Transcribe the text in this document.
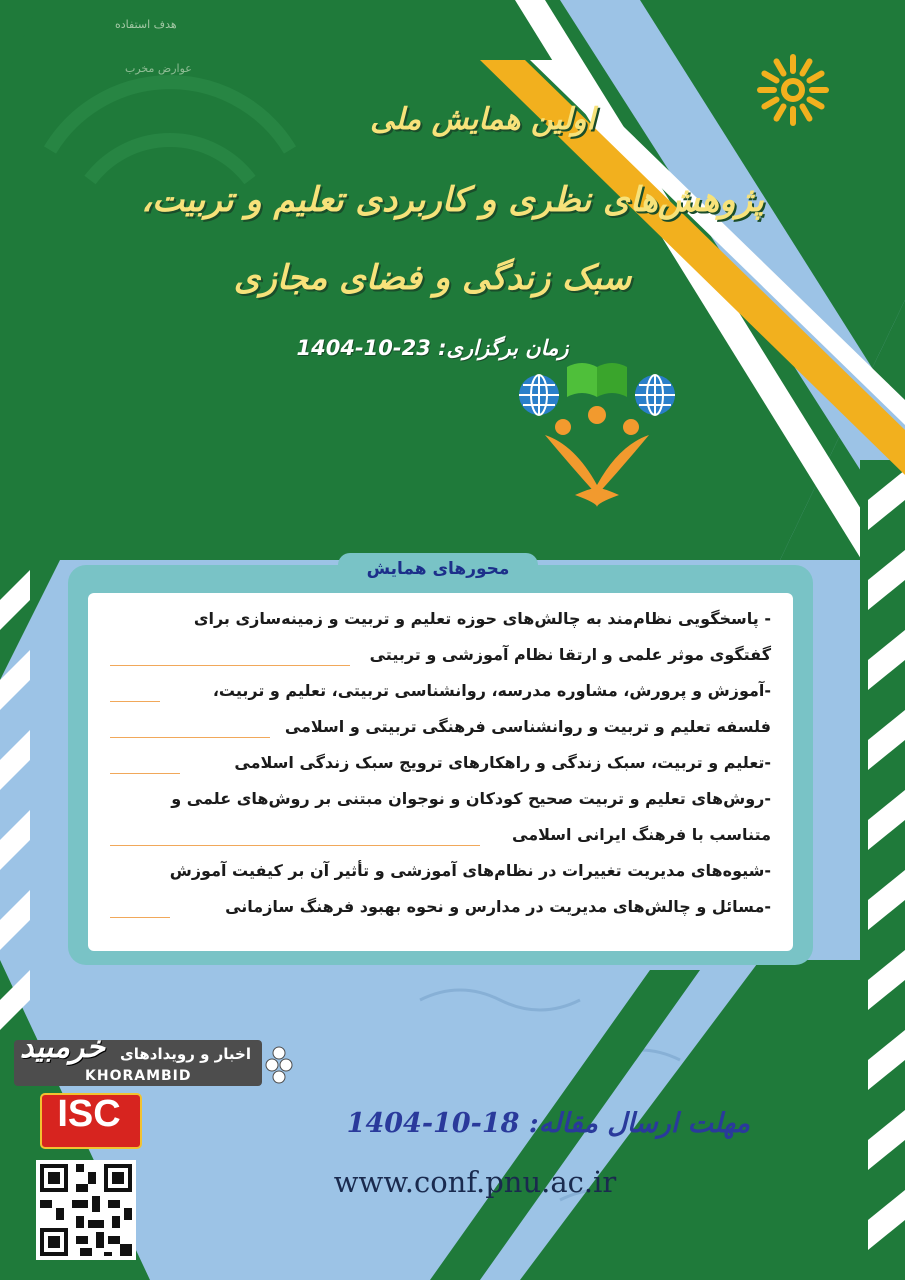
هدف استفاده
عوارض مخرب
اولین همایش ملی
پژوهش‌های نظری و کاربردی تعلیم و تربیت،
سبک زندگی و فضای مجازی
زمان برگزاری: 23-10-1404
محورهای همایش
- پاسخگویی نظام‌مند به چالش‌های حوزه تعلیم و تربیت و زمینه‌سازی برای
گفتگوی موثر علمی و ارتقا نظام آموزشی و تربیتی
-آموزش و پرورش، مشاوره مدرسه، روانشناسی تربیتی، تعلیم و تربیت،
فلسفه تعلیم و تربیت و روانشناسی فرهنگی تربیتی و اسلامی
-تعلیم و تربیت، سبک زندگی و راهکارهای ترویج سبک زندگی اسلامی
-روش‌های تعلیم و تربیت صحیح کودکان و نوجوان مبتنی بر روش‌های علمی و
متناسب با فرهنگ ایرانی اسلامی
-شیوه‌های مدیریت تغییرات در نظام‌های آموزشی و تأثیر آن بر کیفیت آموزش
-مسائل و چالش‌های مدیریت در مدارس و نحوه بهبود فرهنگ سازمانی
اخبار و رویدادهای
خرمبید
KHORAMBID
ISC	مهلت ارسال مقاله: 18-10-1404
www.conf.pnu.ac.ir
